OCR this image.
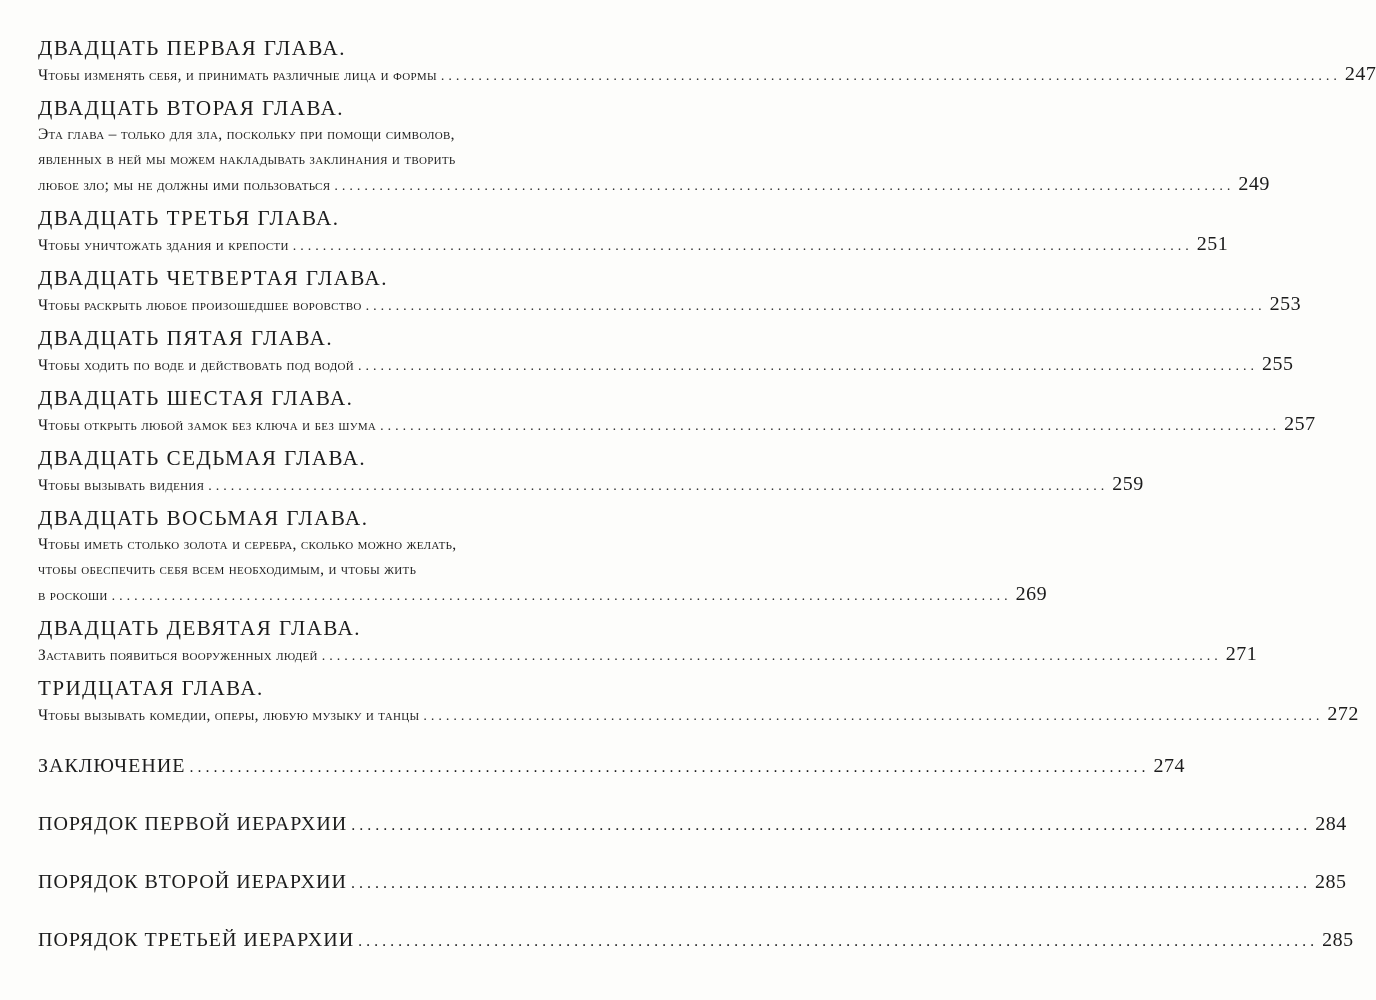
ДВАДЦАТЬ ПЕРВАЯ ГЛАВА.
Чтобы изменять себя, и принимать различные лица и формы ........................................................................................................................ 247
ДВАДЦАТЬ ВТОРАЯ ГЛАВА.
Эта глава – только для зла, поскольку при помощи символов,
явленных в ней мы можем накладывать заклинания и творить
любое зло; мы не должны ими пользоваться ........................................................................................................................ 249
ДВАДЦАТЬ ТРЕТЬЯ ГЛАВА.
Чтобы уничтожать здания и крепости ........................................................................................................................ 251
ДВАДЦАТЬ ЧЕТВЕРТАЯ ГЛАВА.
Чтобы раскрыть любое произошедшее воровство ........................................................................................................................ 253
ДВАДЦАТЬ ПЯТАЯ ГЛАВА.
Чтобы ходить по воде и действовать под водой ........................................................................................................................ 255
ДВАДЦАТЬ ШЕСТАЯ ГЛАВА.
Чтобы открыть любой замок без ключа и без шума ........................................................................................................................ 257
ДВАДЦАТЬ СЕДЬМАЯ ГЛАВА.
Чтобы вызывать видения ........................................................................................................................ 259
ДВАДЦАТЬ ВОСЬМАЯ ГЛАВА.
Чтобы иметь столько золота и серебра, сколько можно желать,
чтобы обеспечить себя всем необходимым, и чтобы жить
в роскоши ........................................................................................................................ 269
ДВАДЦАТЬ ДЕВЯТАЯ ГЛАВА.
Заставить появиться вооруженных людей ........................................................................................................................ 271
ТРИДЦАТАЯ ГЛАВА.
Чтобы вызывать комедии, оперы, любую музыку и танцы ........................................................................................................................ 272
ЗАКЛЮЧЕНИЕ ........................................................................................................................ 274
ПОРЯДОК ПЕРВОЙ ИЕРАРХИИ ........................................................................................................................ 284
ПОРЯДОК ВТОРОЙ ИЕРАРХИИ ........................................................................................................................ 285
ПОРЯДОК ТРЕТЬЕЙ ИЕРАРХИИ ........................................................................................................................ 285
